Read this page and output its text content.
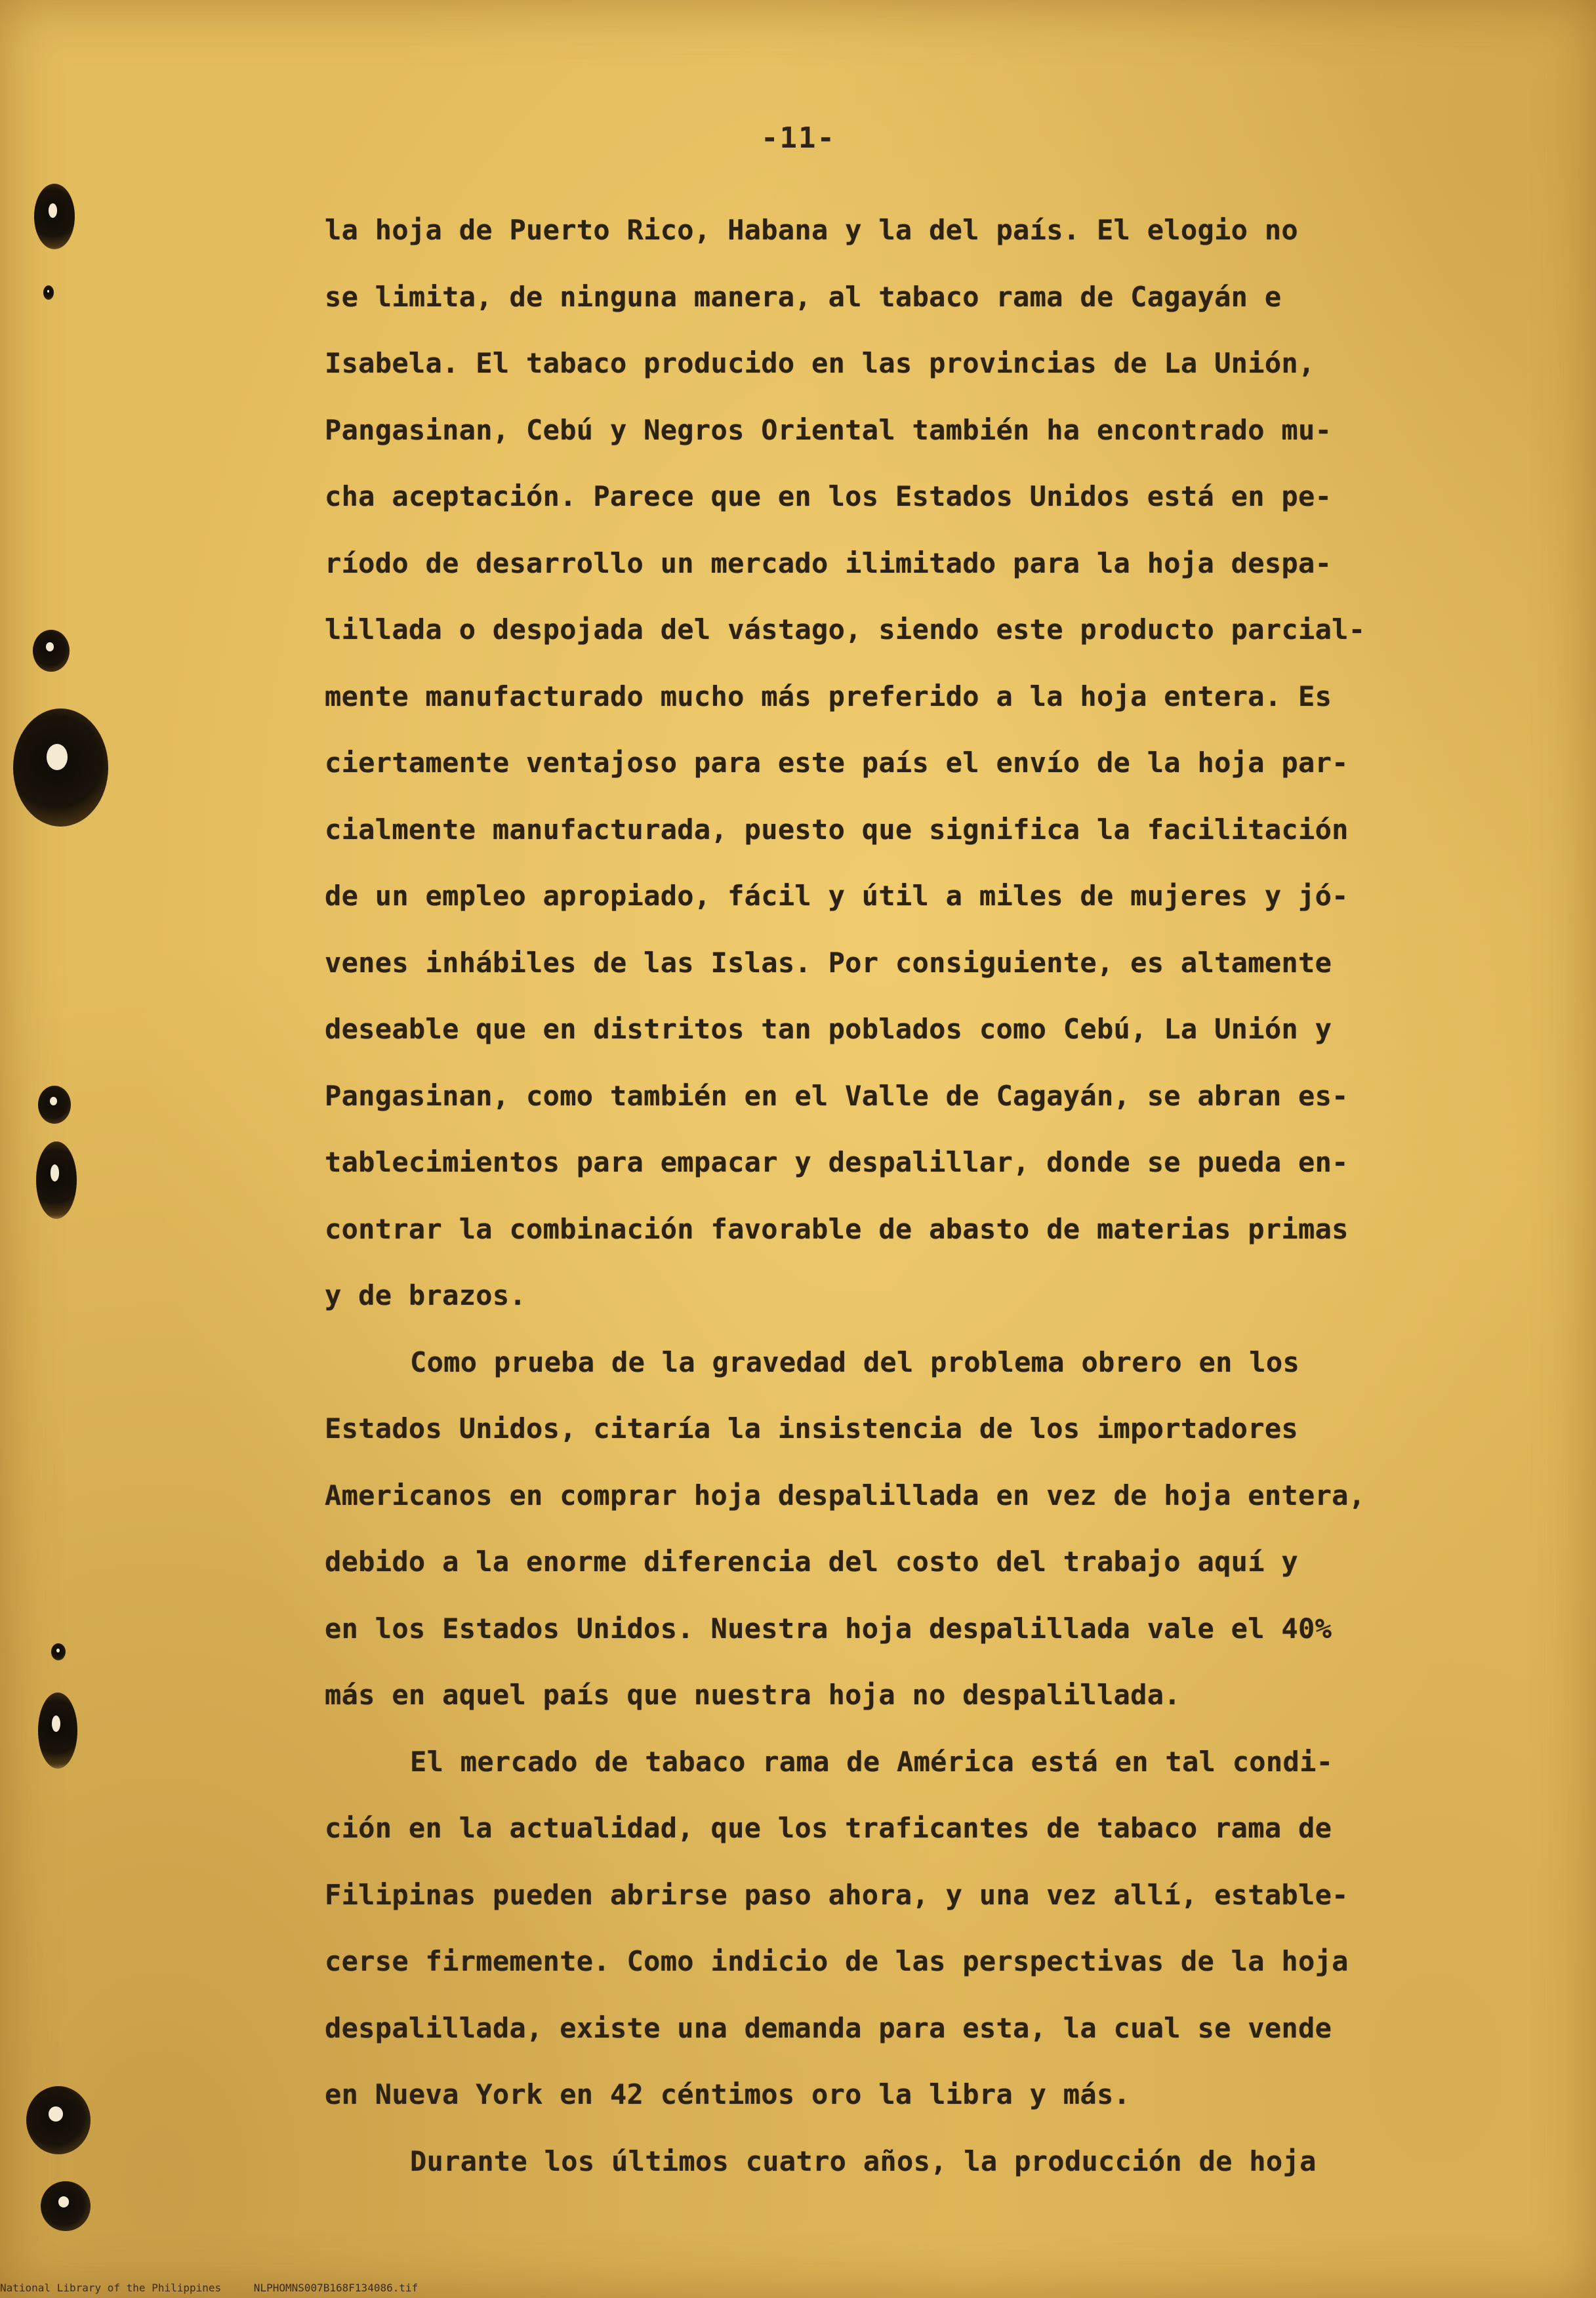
-11-
la hoja de Puerto Rico, Habana y la del país. El elogio no
se limita, de ninguna manera, al tabaco rama de Cagayán e
Isabela. El tabaco producido en las provincias de La Unión,
Pangasinan, Cebú y Negros Oriental también ha encontrado mu-
cha aceptación. Parece que en los Estados Unidos está en pe-
ríodo de desarrollo un mercado ilimitado para la hoja despa-
lillada o despojada del vástago, siendo este producto parcial-
mente manufacturado mucho más preferido a la hoja entera. Es
ciertamente ventajoso para este país el envío de la hoja par-
cialmente manufacturada, puesto que significa la facilitación
de un empleo apropiado, fácil y útil a miles de mujeres y jó-
venes inhábiles de las Islas. Por consiguiente, es altamente
deseable que en distritos tan poblados como Cebú, La Unión y
Pangasinan, como también en el Valle de Cagayán, se abran es-
tablecimientos para empacar y despalillar, donde se pueda en-
contrar la combinación favorable de abasto de materias primas
y de brazos.
Como prueba de la gravedad del problema obrero en los
Estados Unidos, citaría la insistencia de los importadores
Americanos en comprar hoja despalillada en vez de hoja entera,
debido a la enorme diferencia del costo del trabajo aquí y
en los Estados Unidos. Nuestra hoja despalillada vale el 40%
más en aquel país que nuestra hoja no despalillada.
El mercado de tabaco rama de América está en tal condi-
ción en la actualidad, que los traficantes de tabaco rama de
Filipinas pueden abrirse paso ahora, y una vez allí, estable-
cerse firmemente. Como indicio de las perspectivas de la hoja
despalillada, existe una demanda para esta, la cual se vende
en Nueva York en 42 céntimos oro la libra y más.
Durante los últimos cuatro años, la producción de hoja
National Library of the Philippines	NLPHOMNS007B168F134086.tif
